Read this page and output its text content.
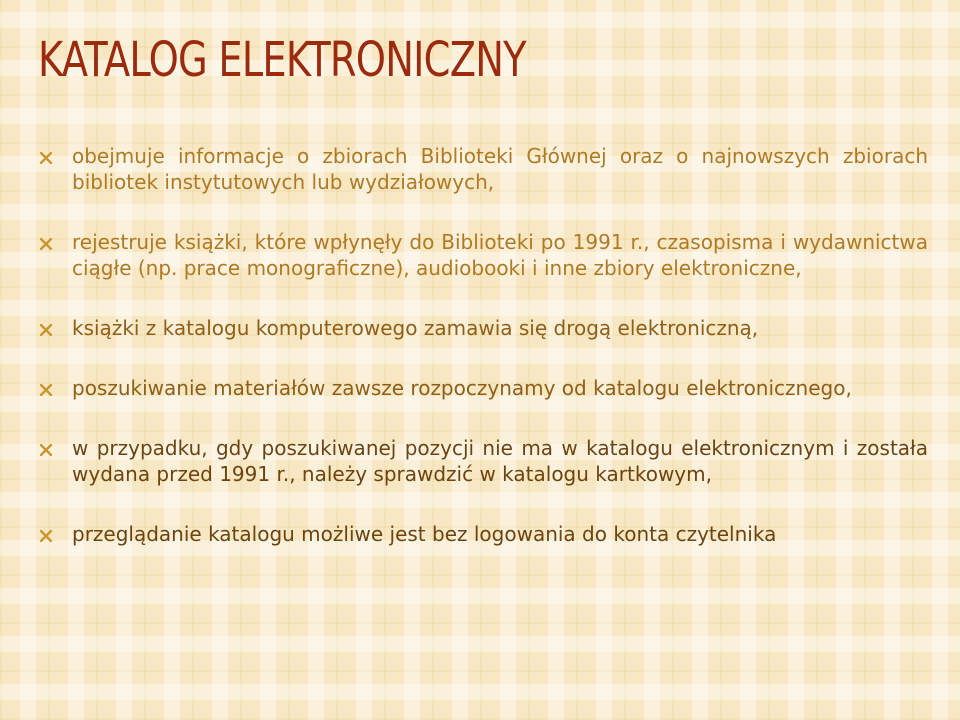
KATALOG ELEKTRONICZNY
obejmuje informacje o zbiorach Biblioteki Głównej oraz o najnowszych zbiorach bibliotek instytutowych lub wydziałowych,
rejestruje książki, które wpłynęły do Biblioteki po 1991 r., czasopisma i wydawnictwa ciągłe (np. prace monograficzne), audiobooki i inne zbiory elektroniczne,
książki z katalogu komputerowego zamawia się drogą elektroniczną,
poszukiwanie materiałów zawsze rozpoczynamy od katalogu elektronicznego,
w przypadku, gdy poszukiwanej pozycji nie ma w katalogu elektronicznym i została wydana przed 1991 r., należy sprawdzić w katalogu kartkowym,
przeglądanie katalogu możliwe jest bez logowania do konta czytelnika
